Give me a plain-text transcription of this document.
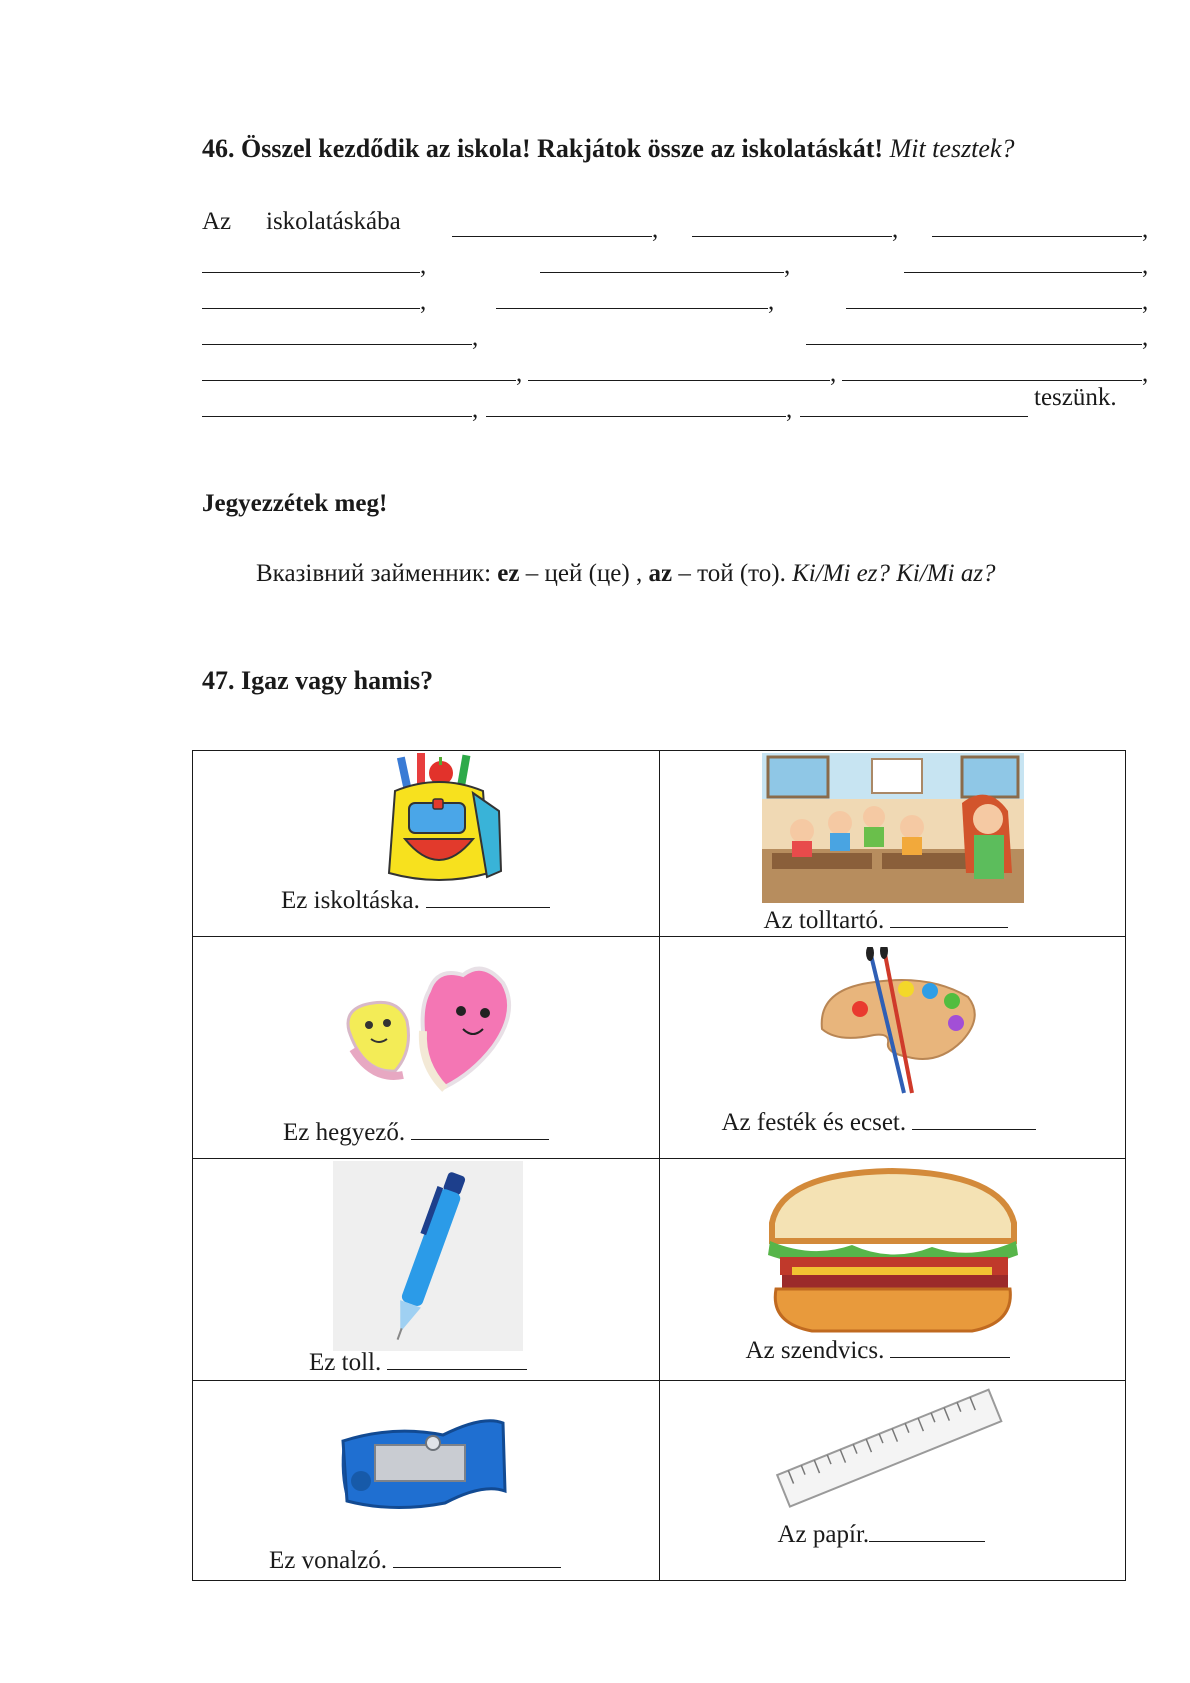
46. Összel kezdődik az iskola! Rakjátok össze az iskolatáskát! Mit tesztek?
Az iskolatáskába	,	,	,
,	,	,
,	,	,
,	,
,	,	,
,	,	teszünk.
Jegyezzétek meg!
Вказівний займенник: ez – цей (це) , az – той (то). Ki/Mi ez? Ki/Mi az?
47. Igaz vagy hamis?
Ez iskoltáska.	Az tolltartó.

Ez hegyező.	Az festék és ecset.

Ez toll.	Az szendvics.

Ez vonalzó.	Az papír.
